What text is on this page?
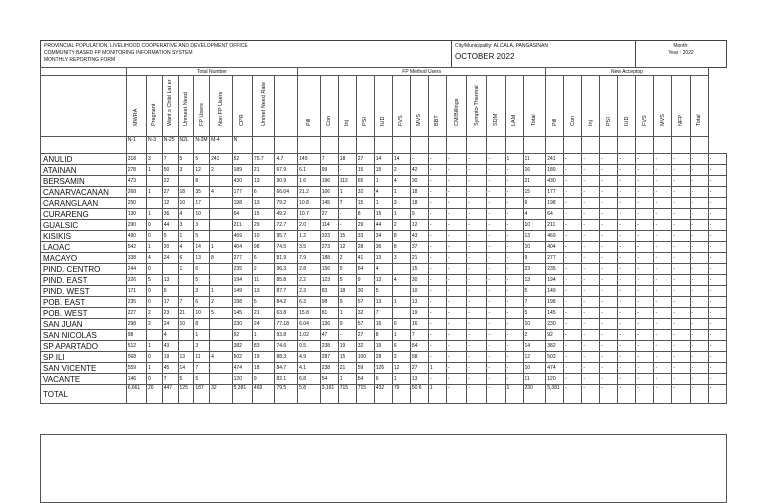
PROVINCIAL POPULATION, LIVELIHOOD COOPERATIVE AND DEVELOPMENT OFFICE
COMMUNITY BASED FP MONITORING INFORMATION SYSTEM
MONTHLY REPORTING FORM
City/Municipality: ALCALA, PANGASINAN
OCTOBER 2022
Month:
Year : 2022
	Total Number									FP Method Users													New Acceptop									

	MWRA	Pregnant	Want s Child Lat er	Unmeet Need	FP Users	Non FP Users	CPR	Unmet Need Rate		Pill	Con	Inj	PSI	IUD	FVS	MVS	BBT	CM/Billings	Sympto-Thermal	SDM	LAM	Total	Pill	Con	Inj	PSI	IUD	FVS	MVS	NFP	Total	

	N-1	N-3	N-25	N2L	N-2M	M-4	N																									
ANULID	318	3	7	5	5	241	52	75.7	4.7	149	7	18	27	14	14	-	-	-	-	-	1	11	241	-	-	-	-	-	-	-	-	-
ATAINAN	278	1	50	3	12	2	189	21	67.9	6.1	99	-	15	15	2	42	-	-	-	-	-	16	189	-	-	-	-	-	-	-	-	-
BERSAMIN	473		22		8		430	13	90.9	1.6	196	113	65	1	4	30	-	-	-	-	-	21	430	-	-	-	-	-	-	-	-	-
CANARVACANAN	268	1	27	18	35	4	177	6	66.04	21.2	106	1	32	4	1	18	-	-	-	-	-	15	177	-	-	-	-	-	-	-	-	-
CARANGLAAN	250		12	10	17		198	13	79.2	10.8	145	7	15	1	3	18	-	-	-	-	-	9	198	-	-	-	-	-	-	-	-	-
CURARENG	130	1	36	4	10		64	15	49.2	10.7	27	-	8	15	1	9	-	-	-	-	-	4	64	-	-	-	-	-	-	-	-	-
GUALSIC	290	0	44	3	3		211	29	72.7	2.0	114	-	29	44	2	12	-	-	-	-	-	10	211	-	-	-	-	-	-	-	-	-
KISIKIS	490	0	5	1	5		469	10	95.7	1.2	323	15	33	34	8	43	-	-	-	-	-	13	469	-	-	-	-	-	-	-	-	-
LAOAC	542	1	20	4	14	1	404	98	74.5	3.5	273	12	28	36	8	37	-	-	-	-	-	10	404	-	-	-	-	-	-	-	-	-
MACAYO	338	4	24	6	13	8	277	6	81.9	7.9	188	2	41	13	3	21	-	-	-	-	-	9	277	-	-	-	-	-	-	-	-	-
PIND. CENTRO	244	0		1	6		235	2	96.3	2.8	156	5	54	4		15	-	-	-	-	-	23	235	-	-	-	-	-	-	-	-	-
PIND. EAST	226	5	13		5		194	11	85.8	2.2	123	5	9	12	4	30	-	-	-	-	-	13	194	-	-	-	-	-	-	-	-	-
PIND. WEST	171	0	5		3	1	149	13	87.7	2.3	83	18	30	5		10	-	-	-	-	-	5	149	-	-	-	-	-	-	-	-	-
POB. EAST	235	0	17	7	6	2	198	5	84.2	6.3	98	9	57	13	1	13	-	-	-	-	-	7	198	-	-	-	-	-	-	-	-	-
POB. WEST	227	2	23	21	10	5	145	21	63.8	15.8	81	1	32	7		19	-	-	-	-	-	5	145	-	-	-	-	-	-	-	-	-
SAN JUAN	298	2	24	10	8		230	24	77.18	6.04	136	9	57	16	6	16	-	-	-	-	-	10	230	-	-	-	-	-	-	-	-	-
SAN NICOLAS	98		4		1		92	1	93.8	1.02	47	-	27	8	1	7	-	-	-	-	-	2	92	-	-	-	-	-	-	-	-	-
SP APARTADO	512	1	43		3		382	83	74.6	0.5	238	19	32	19	6	54	-	-	-	-	-	14	382	-	-	-	-	-	-	-	-	-
SP ILI	568	0	19	13	11	4	502	19	88.3	4.9	287	15	100	28	2	58	-	-	-	-	-	12	502	-	-	-	-	-	-	-	-	-
SAN VICENTE	559	1	45	14	7		474	18	84.7	4.1	238	21	59	126	12	27	1	-	-	-	-	10	474	-	-	-	-	-	-	-	-	-
VACANTE	146	0	7	5	5		120	9	82.1	6.8	54	1	54	6	1	13	-	-	-	-	-	11	120	-	-	-	-	-	-	-	-	-
TOTAL	6,661	20	447	125	187	32	5,381	469	79.5	5.8	3,161	715	715	432	79	50 6	1	-	-	-	1	230	5,381	-	-	-	-	-	-	-	-	-
